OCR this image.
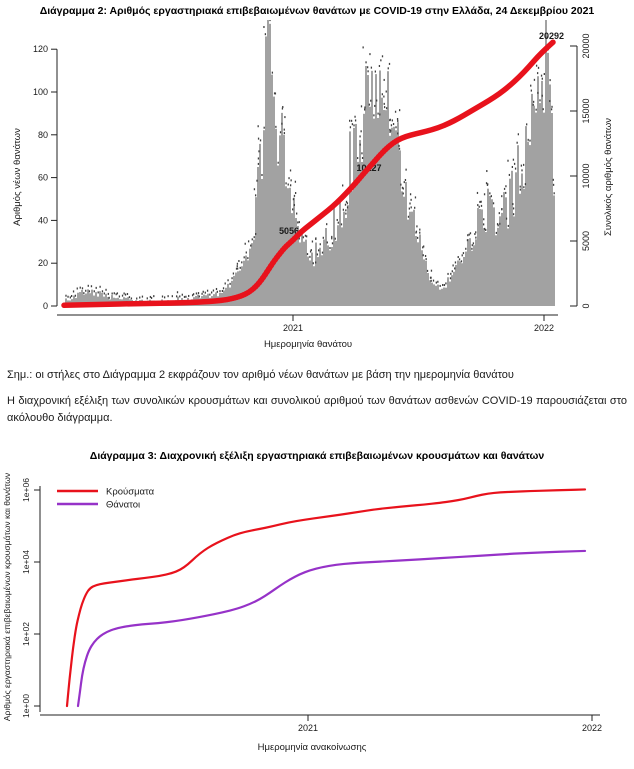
Διάγραμμα 2: Αριθμός εργαστηριακά επιβεβαιωμένων θανάτων με COVID-19 στην Ελλάδα, 24 Δεκεμβρίου 2021
0
20
40
60
80
100
120
Αριθμός νέων θανάτων
2021	2022
Ημερομηνία θανάτου
0
5000
10000
15000
20000
Συνολικός αριθμός θανάτων
5056
10127
20292
Σημ.: οι στήλες στο Διάγραμμα 2 εκφράζουν τον αριθμό νέων θανάτων με βάση την ημερομηνία θανάτου
Η διαχρονική εξέλιξη των συνολικών κρουσμάτων και συνολικού αριθμού των θανάτων ασθενών COVID-19 παρουσιάζεται στο ακόλουθο διάγραμμα.
Διάγραμμα 3: Διαχρονική εξέλιξη εργαστηριακά επιβεβαιωμένων κρουσμάτων και θανάτων
1e+00
1e+02
1e+04
1e+06
Αριθμός εργαστηριακά επιβεβαιωμένων κρουσμάτων και θανάτων
2021	2022
Ημερομηνία ανακοίνωσης
Κρούσματα
Θάνατοι
